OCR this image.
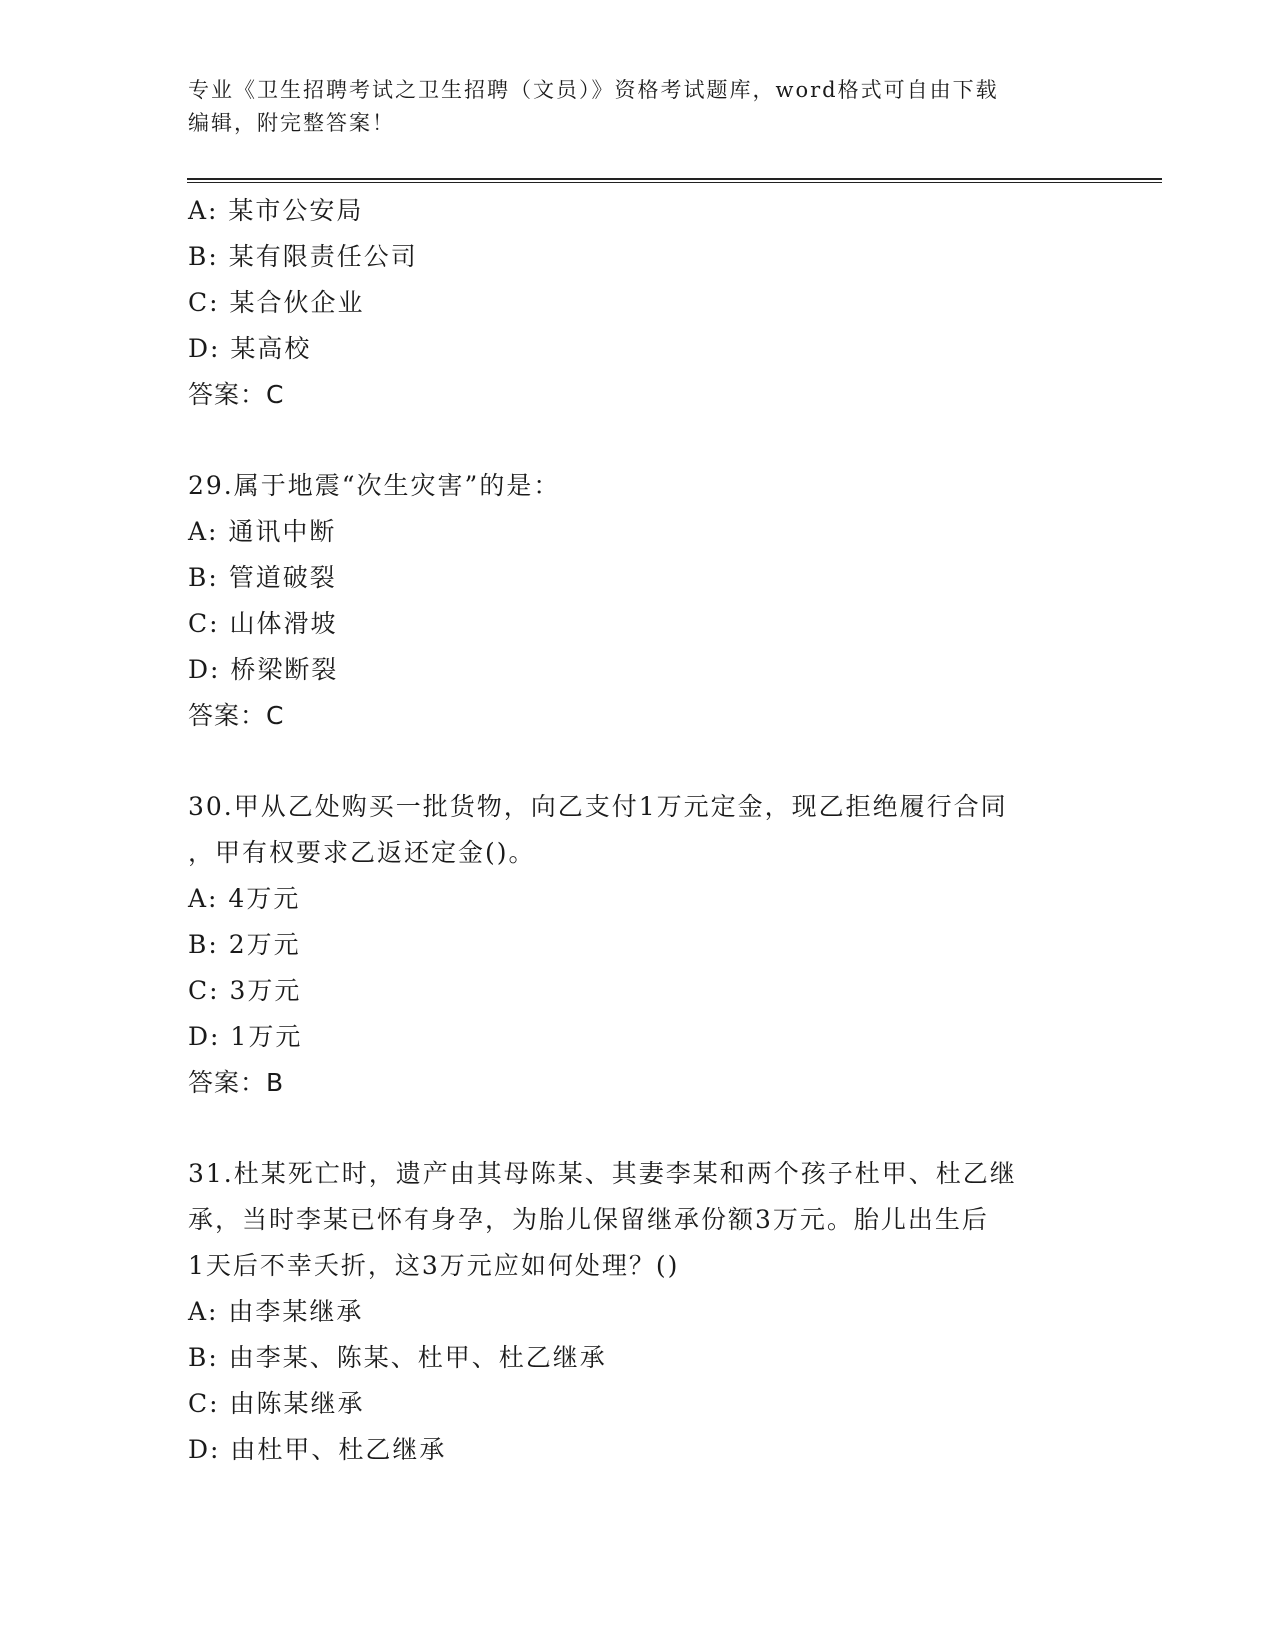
专业《卫生招聘考试之卫生招聘（文员）》资格考试题库，word格式可自由下载
编辑，附完整答案！
A: 某市公安局
B: 某有限责任公司
C: 某合伙企业
D: 某高校
答案：C
29.属于地震“次生灾害”的是：
A: 通讯中断
B: 管道破裂
C: 山体滑坡
D: 桥梁断裂
答案：C
30.甲从乙处购买一批货物，向乙支付1万元定金，现乙拒绝履行合同
，甲有权要求乙返还定金()。
A: 4万元
B: 2万元
C: 3万元
D: 1万元
答案：B
31.杜某死亡时，遗产由其母陈某、其妻李某和两个孩子杜甲、杜乙继
承，当时李某已怀有身孕，为胎儿保留继承份额3万元。胎儿出生后
1天后不幸夭折，这3万元应如何处理？()
A: 由李某继承
B: 由李某、陈某、杜甲、杜乙继承
C: 由陈某继承
D: 由杜甲、杜乙继承
